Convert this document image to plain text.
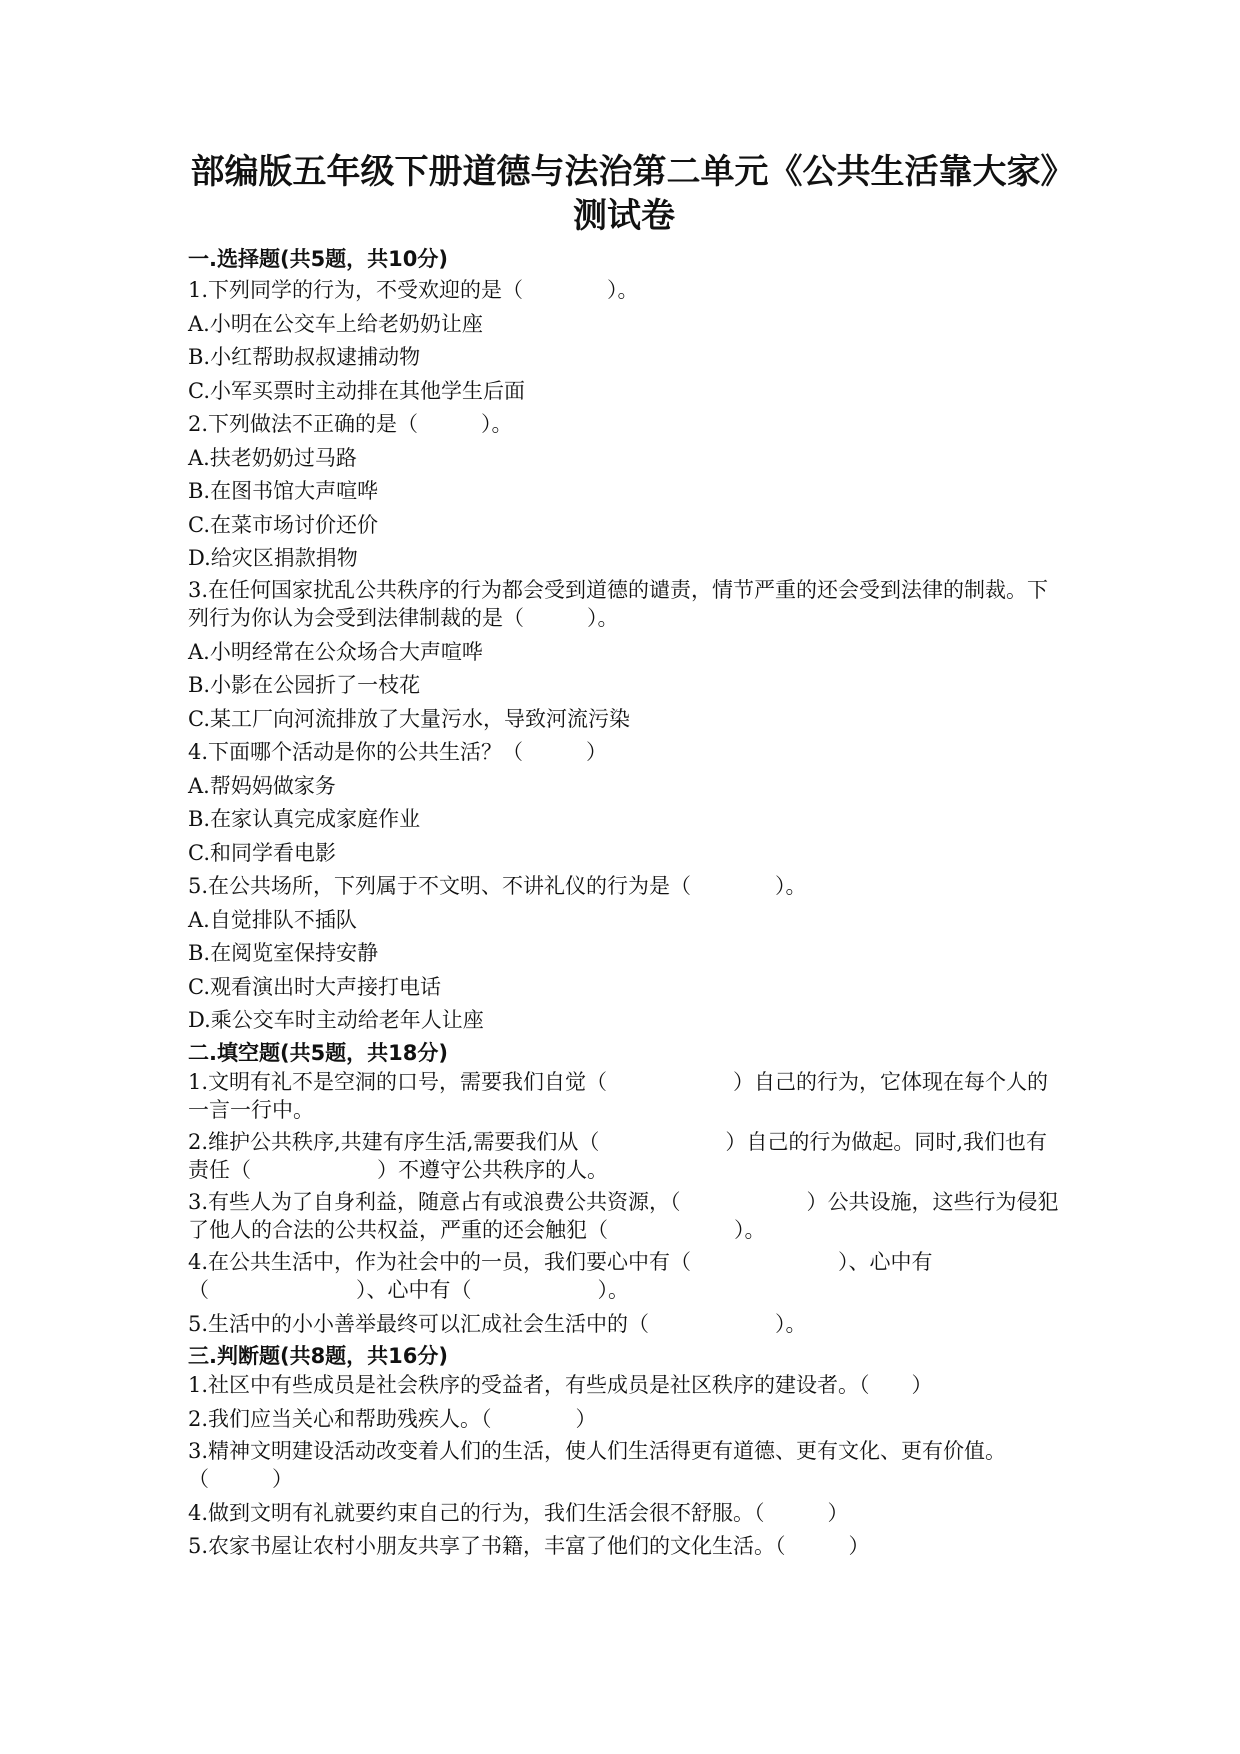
部编版五年级下册道德与法治第二单元《公共生活靠大家》测试卷
一.选择题(共5题，共10分)
1.下列同学的行为，不受欢迎的是（　　　　）。
A.小明在公交车上给老奶奶让座
B.小红帮助叔叔逮捕动物
C.小军买票时主动排在其他学生后面
2.下列做法不正确的是（　　　）。
A.扶老奶奶过马路
B.在图书馆大声喧哗
C.在菜市场讨价还价
D.给灾区捐款捐物
3.在任何国家扰乱公共秩序的行为都会受到道德的谴责，情节严重的还会受到法律的制裁。下列行为你认为会受到法律制裁的是（　　　）。
A.小明经常在公众场合大声喧哗
B.小影在公园折了一枝花
C.某工厂向河流排放了大量污水，导致河流污染
4.下面哪个活动是你的公共生活？（　　　）
A.帮妈妈做家务
B.在家认真完成家庭作业
C.和同学看电影
5.在公共场所，下列属于不文明、不讲礼仪的行为是（　　　　）。
A.自觉排队不插队
B.在阅览室保持安静
C.观看演出时大声接打电话
D.乘公交车时主动给老年人让座
二.填空题(共5题，共18分)
1.文明有礼不是空洞的口号，需要我们自觉（　　　　　　）自己的行为，它体现在每个人的一言一行中。
2.维护公共秩序,共建有序生活,需要我们从（　　　　　　）自己的行为做起。同时,我们也有责任（　　　　　　）不遵守公共秩序的人。
3.有些人为了自身利益，随意占有或浪费公共资源，（　　　　　　）公共设施，这些行为侵犯了他人的合法的公共权益，严重的还会触犯（　　　　　　）。
4.在公共生活中，作为社会中的一员，我们要心中有（　　　　　　　）、心中有（　　　　　　　）、心中有（　　　　　　）。
5.生活中的小小善举最终可以汇成社会生活中的（　　　　　　）。
三.判断题(共8题，共16分)
1.社区中有些成员是社会秩序的受益者，有些成员是社区秩序的建设者。（　　）
2.我们应当关心和帮助残疾人。（　　　　）
3.精神文明建设活动改变着人们的生活，使人们生活得更有道德、更有文化、更有价值。（　　　）
4.做到文明有礼就要约束自己的行为，我们生活会很不舒服。（　　　）
5.农家书屋让农村小朋友共享了书籍，丰富了他们的文化生活。（　　　）
